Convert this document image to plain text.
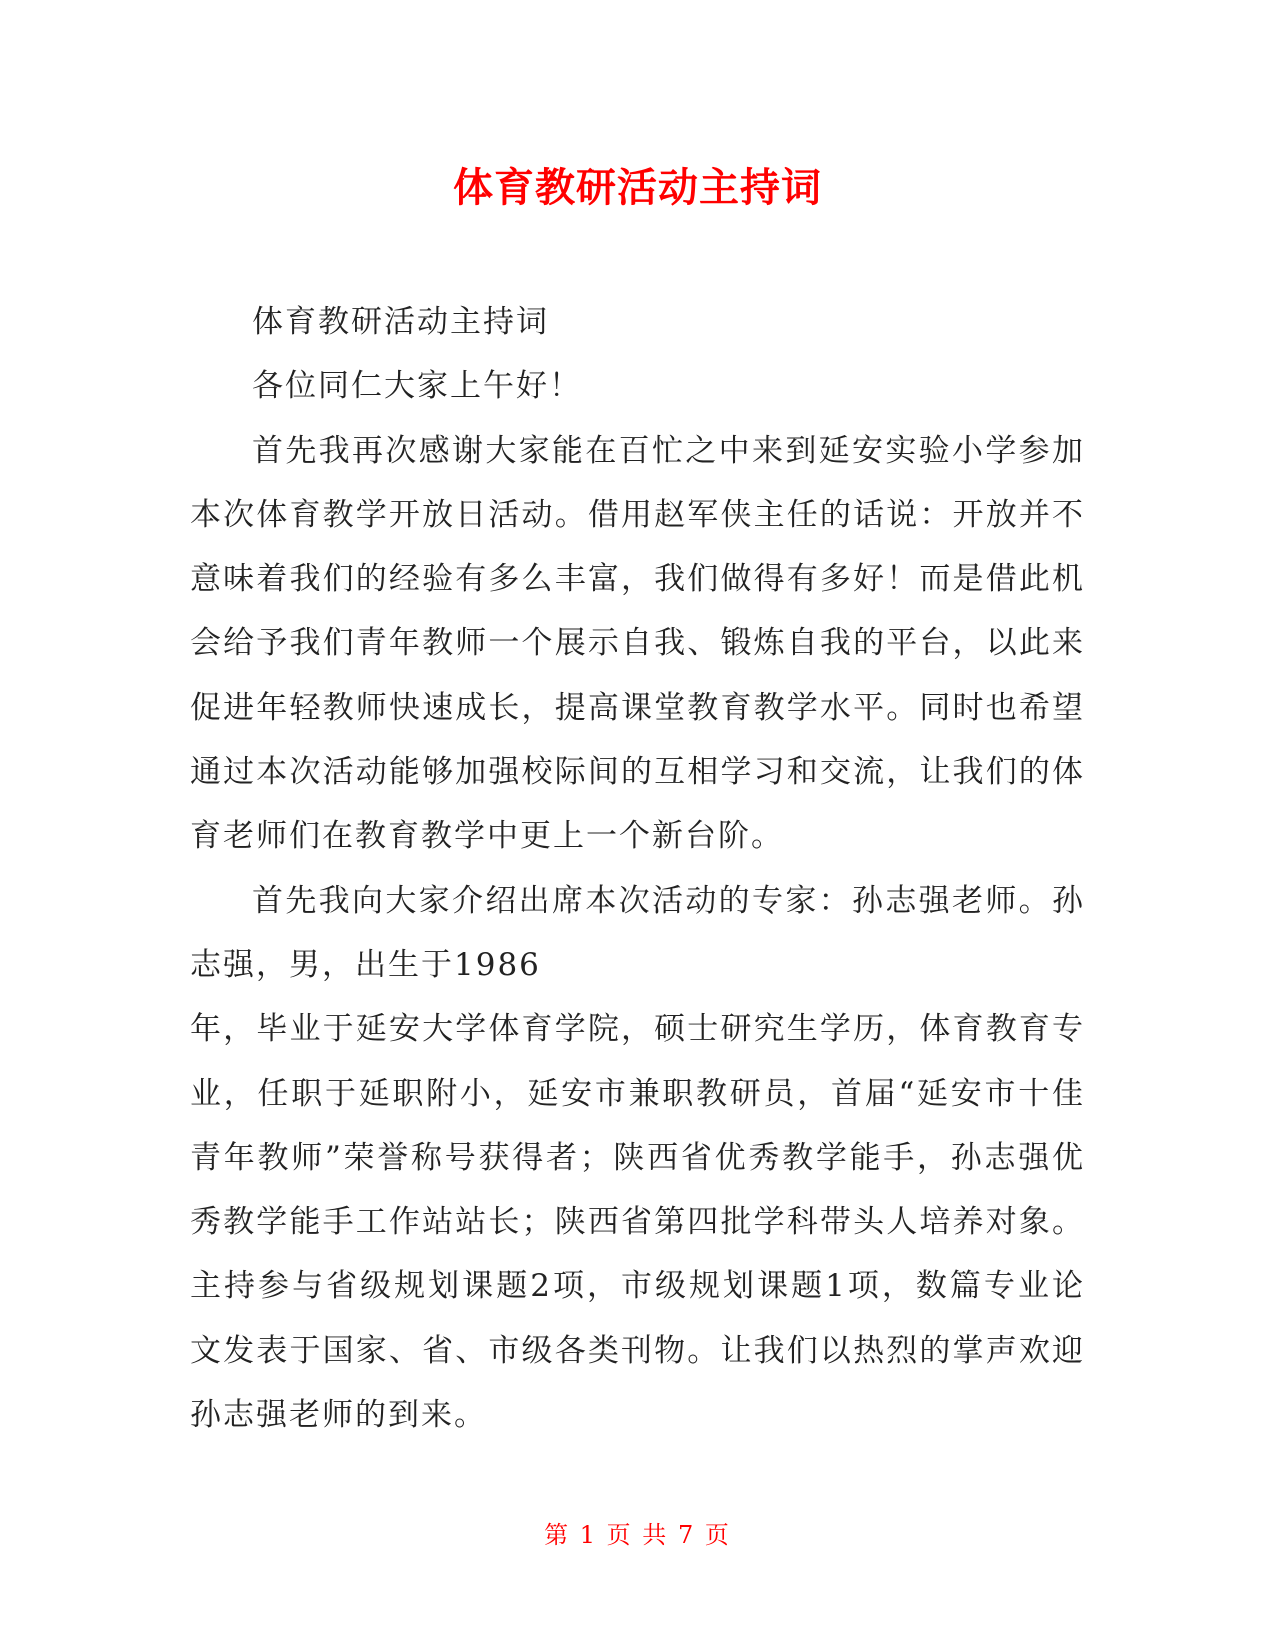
体育教研活动主持词

体育教研活动主持词

各位同仁大家上午好！

首先我再次感谢大家能在百忙之中来到延安实验小学参加本次体育教学开放日活动。借用赵军侠主任的话说：开放并不意味着我们的经验有多么丰富，我们做得有多好！而是借此机会给予我们青年教师一个展示自我、锻炼自我的平台，以此来促进年轻教师快速成长，提高课堂教育教学水平。同时也希望通过本次活动能够加强校际间的互相学习和交流，让我们的体育老师们在教育教学中更上一个新台阶。

首先我向大家介绍出席本次活动的专家：孙志强老师。孙志强，男，出生于1986

年，毕业于延安大学体育学院，硕士研究生学历，体育教育专业，任职于延职附小，延安市兼职教研员，首届“延安市十佳青年教师”荣誉称号获得者；陕西省优秀教学能手，孙志强优秀教学能手工作站站长；陕西省第四批学科带头人培养对象。主持参与省级规划课题2项，市级规划课题1项，数篇专业论文发表于国家、省、市级各类刊物。让我们以热烈的掌声欢迎孙志强老师的到来。

第 1 页 共 7 页
